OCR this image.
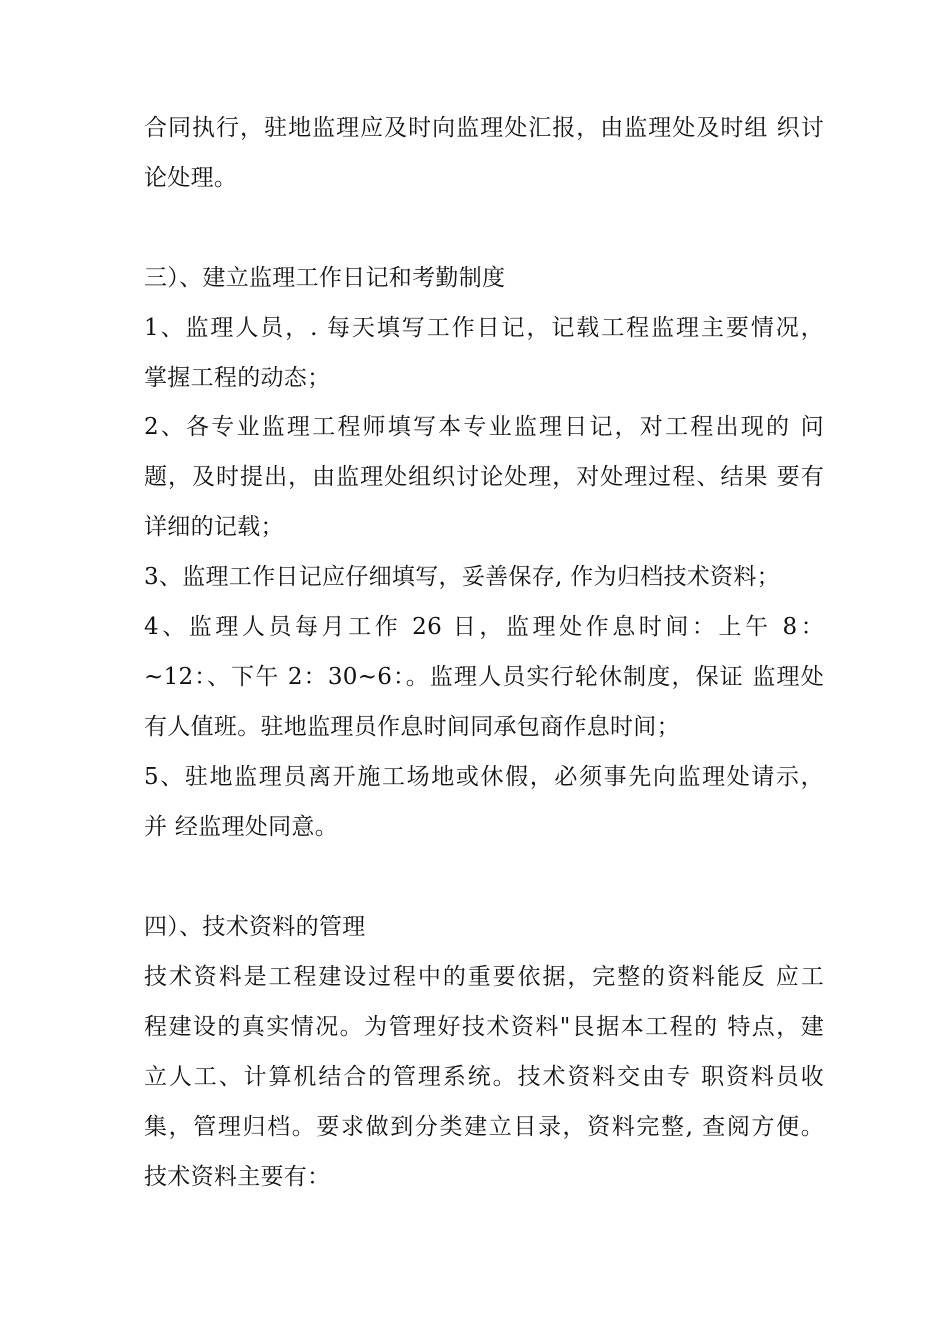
合同执行，驻地监理应及时向监理处汇报，由监理处及时组 织讨
论处理。
三）、建立监理工作日记和考勤制度
1、监理人员，. 每天填写工作日记，记载工程监理主要情况，
掌握工程的动态；
2、各专业监理工程师填写本专业监理日记，对工程出现的 问
题，及时提出，由监理处组织讨论处理，对处理过程、结果 要有
详细的记载；
3、监理工作日记应仔细填写，妥善保存, 作为归档技术资料；
4、监理人员每月工作 26 日，监理处作息时间：上午 8：
~12：、下午 2：30~6：。监理人员实行轮休制度，保证 监理处
有人值班。驻地监理员作息时间同承包商作息时间；
5、驻地监理员离开施工场地或休假，必须事先向监理处请示，
并 经监理处同意。
四）、技术资料的管理
技术资料是工程建设过程中的重要依据，完整的资料能反 应工
程建设的真实情况。为管理好技术资料"艮据本工程的 特点，建
立人工、计算机结合的管理系统。技术资料交由专 职资料员收
集，管理归档。要求做到分类建立目录，资料完整, 查阅方便。
技术资料主要有：
